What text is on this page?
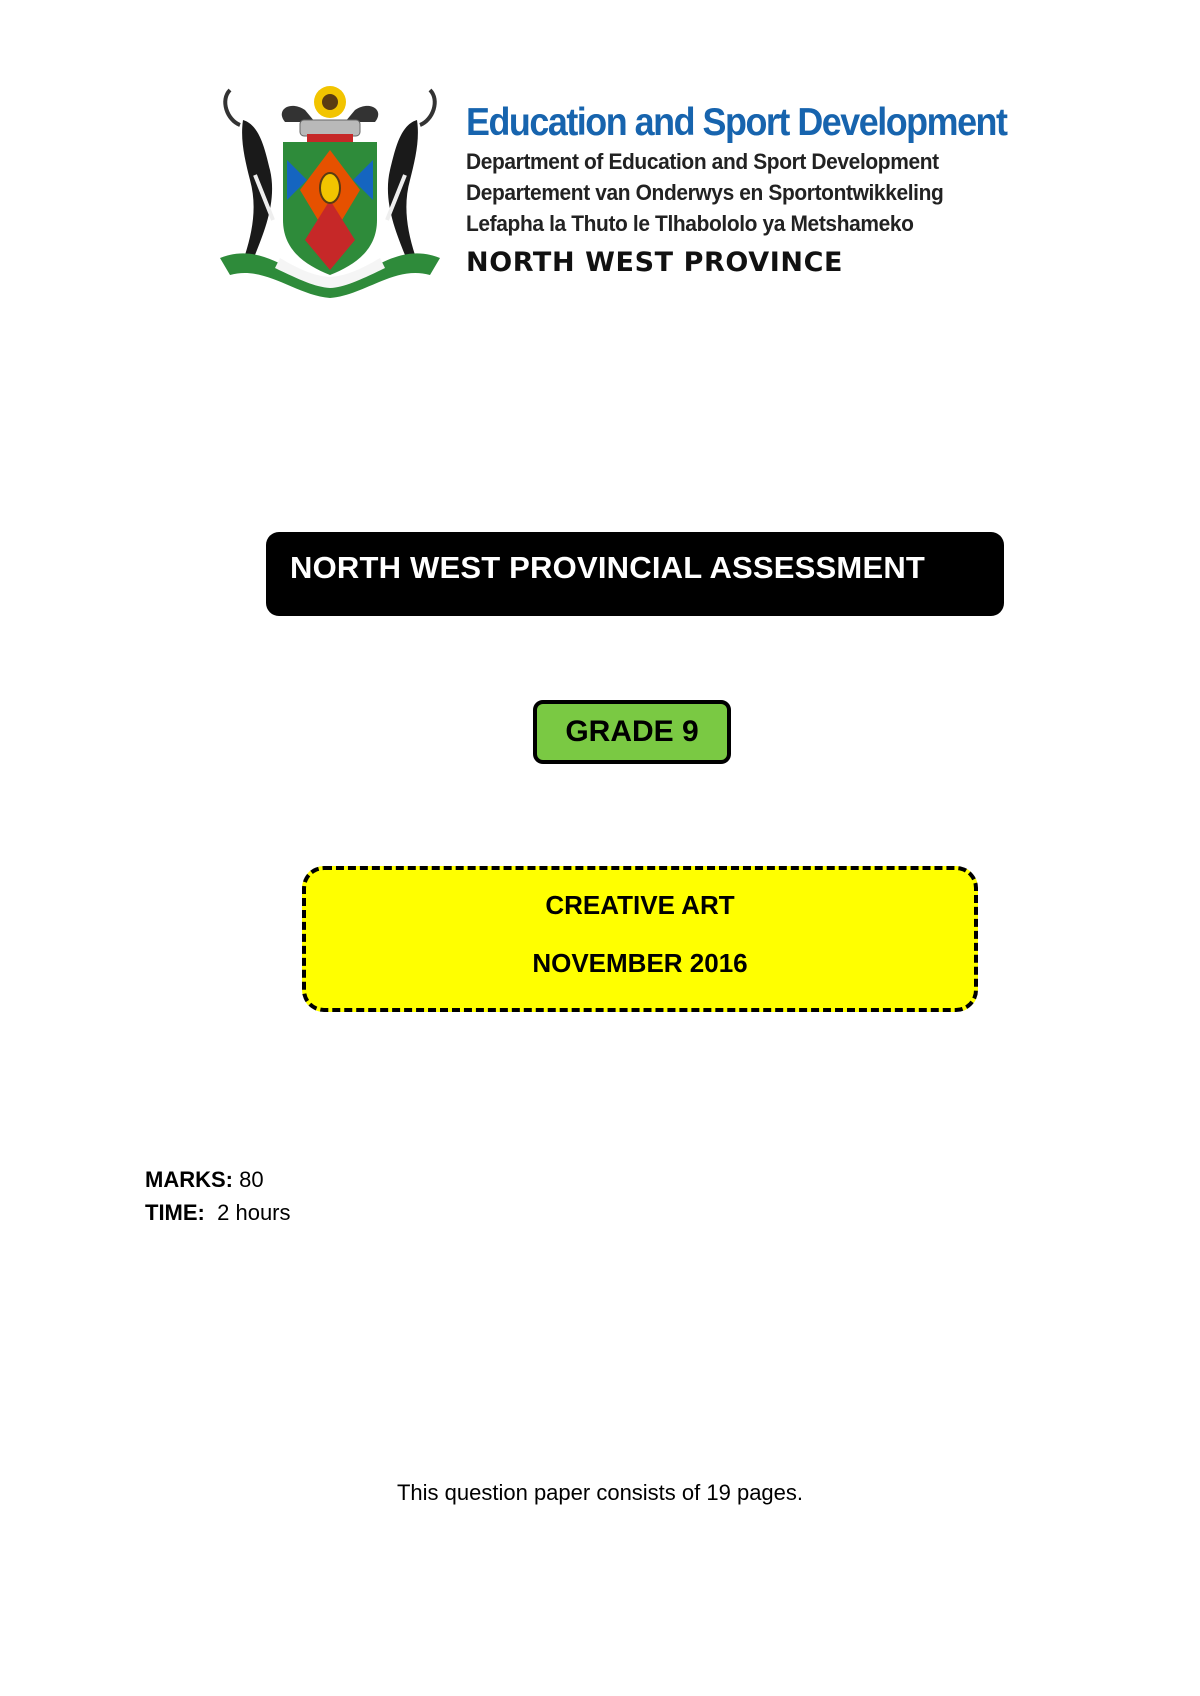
Education and Sport Development
Department of Education and Sport Development
Departement van Onderwys en Sportontwikkeling
Lefapha la Thuto le Tlhabololo ya Metshameko
NORTH WEST PROVINCE
NORTH WEST PROVINCIAL ASSESSMENT
GRADE 9
CREATIVE ART
NOVEMBER 2016
MARKS: 80
TIME: 2 hours
This question paper consists of 19 pages.
